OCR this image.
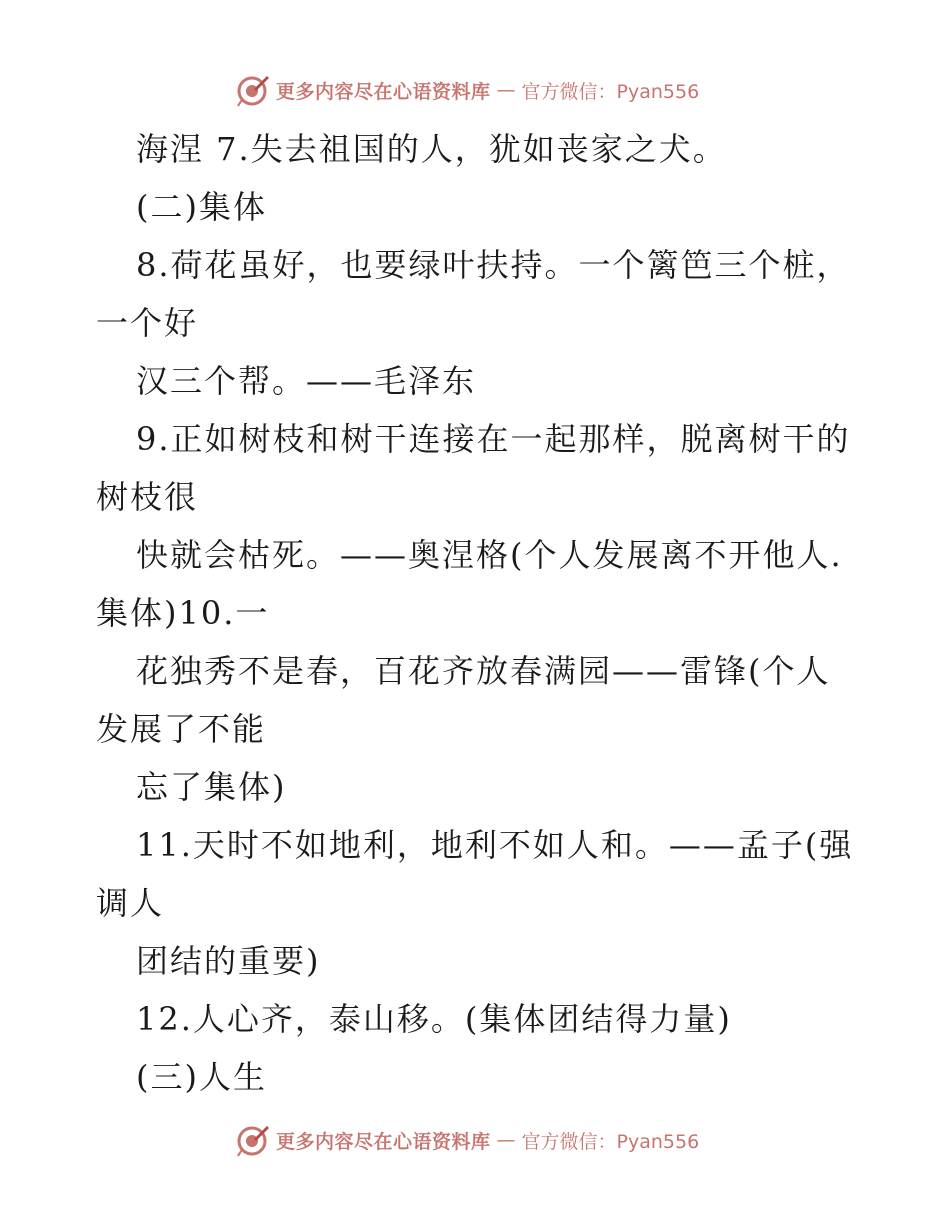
更多内容尽在心语资料库 — 官方微信：Pyan556
海涅 7.失去祖国的人，犹如丧家之犬。
(二)集体
8.荷花虽好，也要绿叶扶持。一个篱笆三个桩，
一个好
汉三个帮。——毛泽东
9.正如树枝和树干连接在一起那样，脱离树干的
树枝很
快就会枯死。——奥涅格(个人发展离不开他人.
集体)10.一
花独秀不是春，百花齐放春满园——雷锋(个人
发展了不能
忘了集体)
11.天时不如地利，地利不如人和。——孟子(强
调人
团结的重要)
12.人心齐，泰山移。(集体团结得力量)
(三)人生
更多内容尽在心语资料库 — 官方微信：Pyan556
